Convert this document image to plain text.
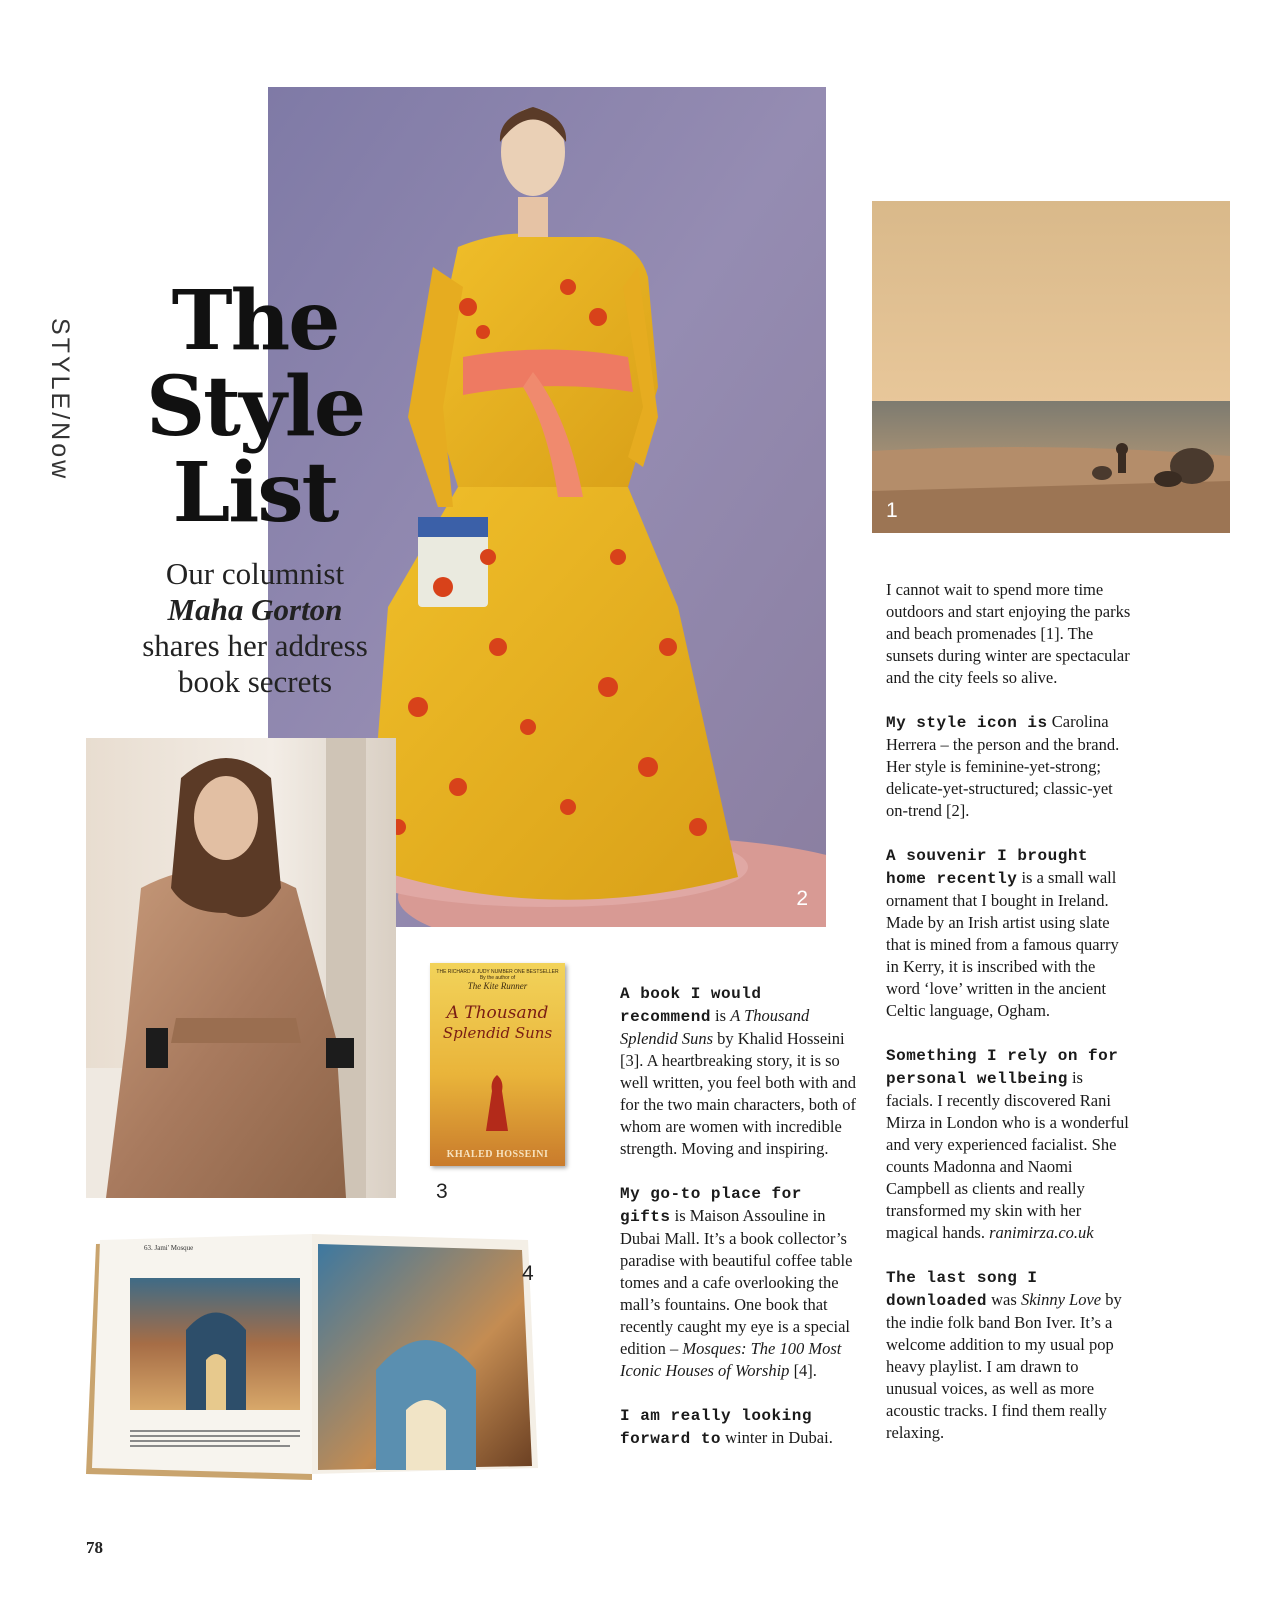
STYLE/Now
2
The
Style
List
Our columnist
Maha Gorton
shares her address
book secrets
1
THE RICHARD & JUDY NUMBER ONE BESTSELLER
By the author of
The Kite Runner
A Thousand
Splendid Suns
KHALED HOSSEINI
3
63. Jami' Mosque
4

A book I would recommend is A Thousand Splendid Suns by Khalid Hosseini [3]. A heartbreaking story, it is so well written, you feel both with and for the two main characters, both of whom are women with incredible strength. Moving and inspiring.

My go-to place for gifts is Maison Assouline in Dubai Mall. It’s a book collector’s paradise with beautiful coffee table tomes and a cafe overlooking the mall’s fountains. One book that recently caught my eye is a special edition – Mosques: The 100 Most Iconic Houses of Worship [4].

I am really looking forward to winter in Dubai.

I cannot wait to spend more time outdoors and start enjoying the parks and beach promenades [1]. The sunsets during winter are spectacular and the city feels so alive.

My style icon is Carolina Herrera – the person and the brand. Her style is feminine-yet-strong; delicate-yet-structured; classic-yet on-trend [2].

A souvenir I brought home recently is a small wall ornament that I bought in Ireland. Made by an Irish artist using slate that is mined from a famous quarry in Kerry, it is inscribed with the word ‘love’ written in the ancient Celtic language, Ogham.

Something I rely on for personal wellbeing is facials. I recently discovered Rani Mirza in London who is a wonderful and very experienced facialist. She counts Madonna and Naomi Campbell as clients and really transformed my skin with her magical hands. ranimirza.co.uk

The last song I downloaded was Skinny Love by the indie folk band Bon Iver. It’s a welcome addition to my usual pop heavy playlist. I am drawn to unusual voices, as well as more acoustic tracks. I find them really relaxing.

78
